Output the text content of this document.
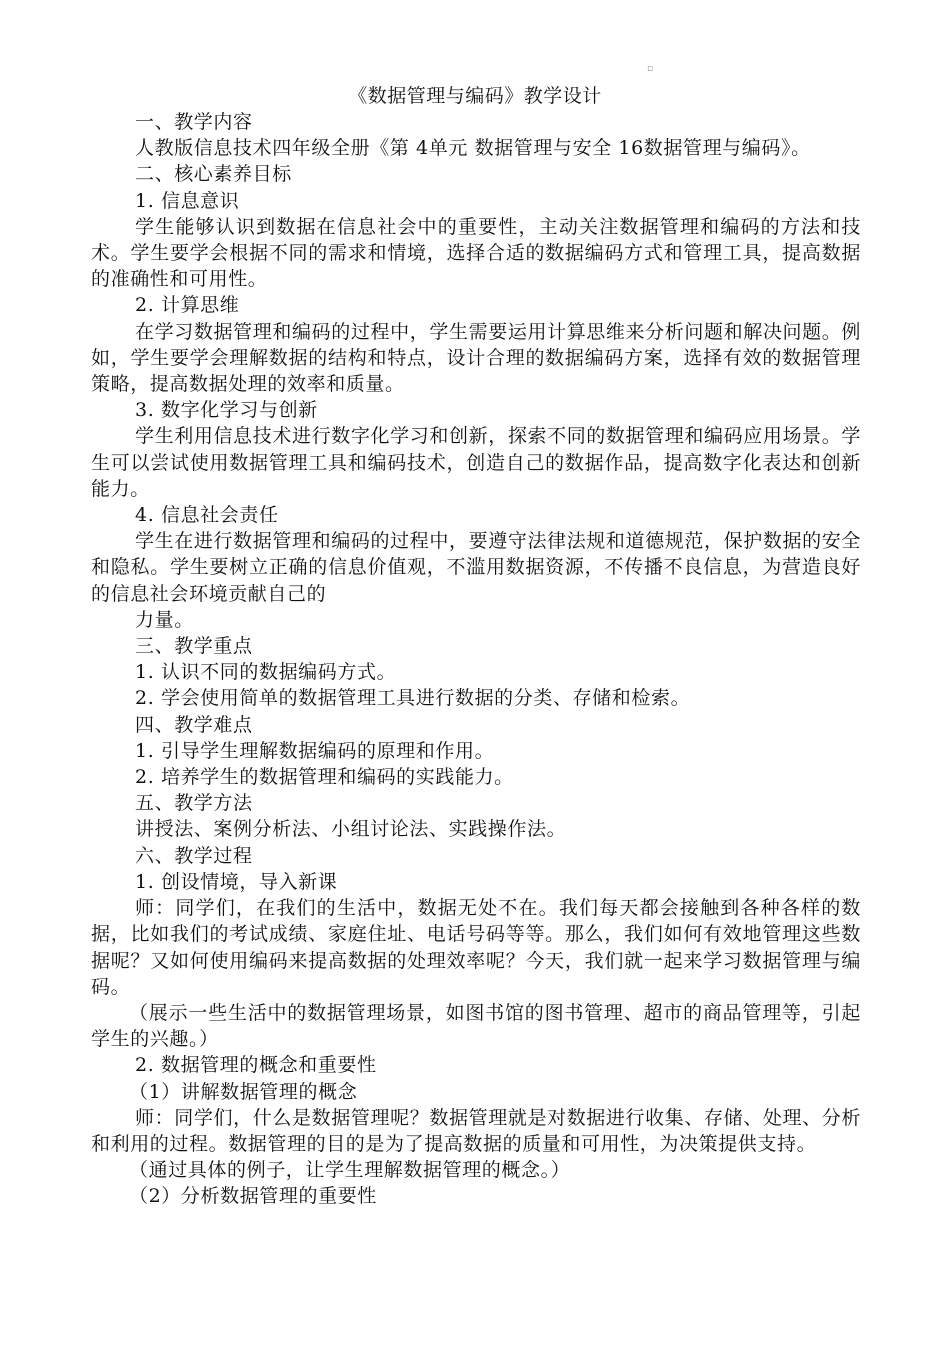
▫
《数据管理与编码》教学设计
一、教学内容
人教版信息技术四年级全册《第 4单元 数据管理与安全 16数据管理与编码》。
二、核心素养目标
1. 信息意识
学生能够认识到数据在信息社会中的重要性，主动关注数据管理和编码的方法和技术。学生要学会根据不同的需求和情境，选择合适的数据编码方式和管理工具，提高数据的准确性和可用性。
2. 计算思维
在学习数据管理和编码的过程中，学生需要运用计算思维来分析问题和解决问题。例如，学生要学会理解数据的结构和特点，设计合理的数据编码方案，选择有效的数据管理策略，提高数据处理的效率和质量。
3. 数字化学习与创新
学生利用信息技术进行数字化学习和创新，探索不同的数据管理和编码应用场景。学生可以尝试使用数据管理工具和编码技术，创造自己的数据作品，提高数字化表达和创新能力。
4. 信息社会责任
学生在进行数据管理和编码的过程中，要遵守法律法规和道德规范，保护数据的安全和隐私。学生要树立正确的信息价值观，不滥用数据资源，不传播不良信息，为营造良好的信息社会环境贡献自己的
力量。
三、教学重点
1. 认识不同的数据编码方式。
2. 学会使用简单的数据管理工具进行数据的分类、存储和检索。
四、教学难点
1. 引导学生理解数据编码的原理和作用。
2. 培养学生的数据管理和编码的实践能力。
五、教学方法
讲授法、案例分析法、小组讨论法、实践操作法。
六、教学过程
1. 创设情境，导入新课
师：同学们，在我们的生活中，数据无处不在。我们每天都会接触到各种各样的数据，比如我们的考试成绩、家庭住址、电话号码等等。那么，我们如何有效地管理这些数据呢？又如何使用编码来提高数据的处理效率呢？今天，我们就一起来学习数据管理与编码。
（展示一些生活中的数据管理场景，如图书馆的图书管理、超市的商品管理等，引起学生的兴趣。）
2. 数据管理的概念和重要性
（1）讲解数据管理的概念
师：同学们，什么是数据管理呢？数据管理就是对数据进行收集、存储、处理、分析和利用的过程。数据管理的目的是为了提高数据的质量和可用性，为决策提供支持。
（通过具体的例子，让学生理解数据管理的概念。）
（2）分析数据管理的重要性
